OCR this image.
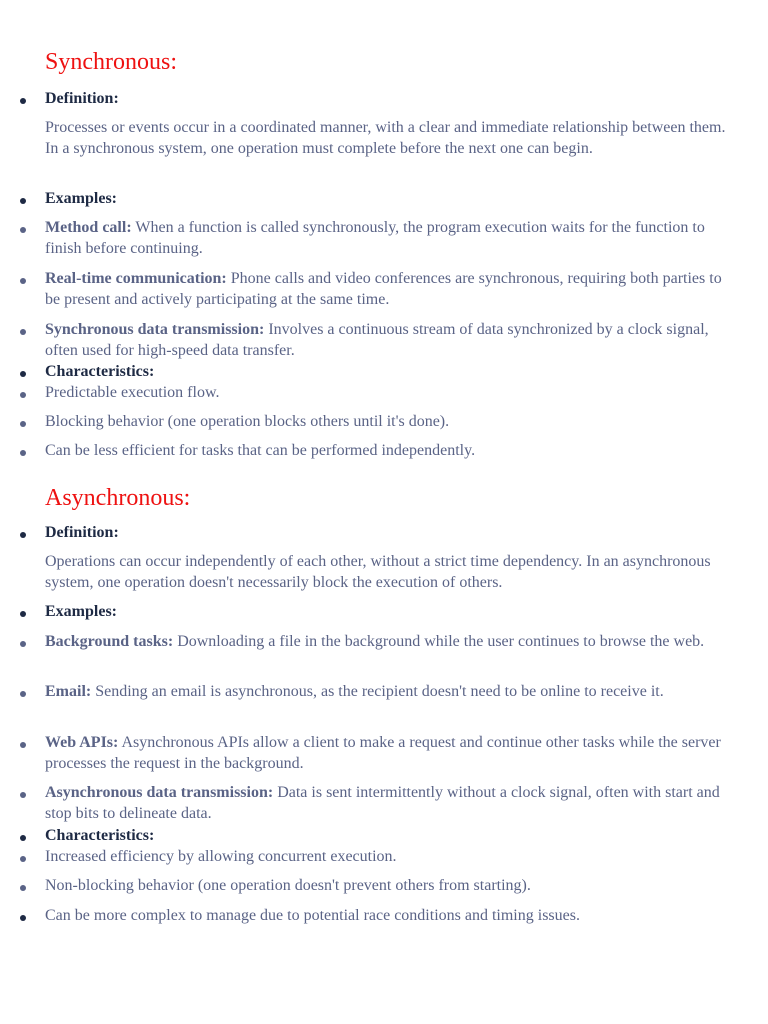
Synchronous:
Definition:
Processes or events occur in a coordinated manner, with a clear and immediate relationship between them. In a synchronous system, one operation must complete before the next one can begin.
Examples:
Method call: When a function is called synchronously, the program execution waits for the function to finish before continuing.
Real-time communication: Phone calls and video conferences are synchronous, requiring both parties to be present and actively participating at the same time.
Synchronous data transmission: Involves a continuous stream of data synchronized by a clock signal, often used for high-speed data transfer.
Characteristics:
Predictable execution flow.
Blocking behavior (one operation blocks others until it's done).
Can be less efficient for tasks that can be performed independently.
Asynchronous:
Definition:
Operations can occur independently of each other, without a strict time dependency. In an asynchronous system, one operation doesn't necessarily block the execution of others.
Examples:
Background tasks: Downloading a file in the background while the user continues to browse the web.
Email: Sending an email is asynchronous, as the recipient doesn't need to be online to receive it.
Web APIs: Asynchronous APIs allow a client to make a request and continue other tasks while the server processes the request in the background.
Asynchronous data transmission: Data is sent intermittently without a clock signal, often with start and stop bits to delineate data.
Characteristics:
Increased efficiency by allowing concurrent execution.
Non-blocking behavior (one operation doesn't prevent others from starting).
Can be more complex to manage due to potential race conditions and timing issues.
